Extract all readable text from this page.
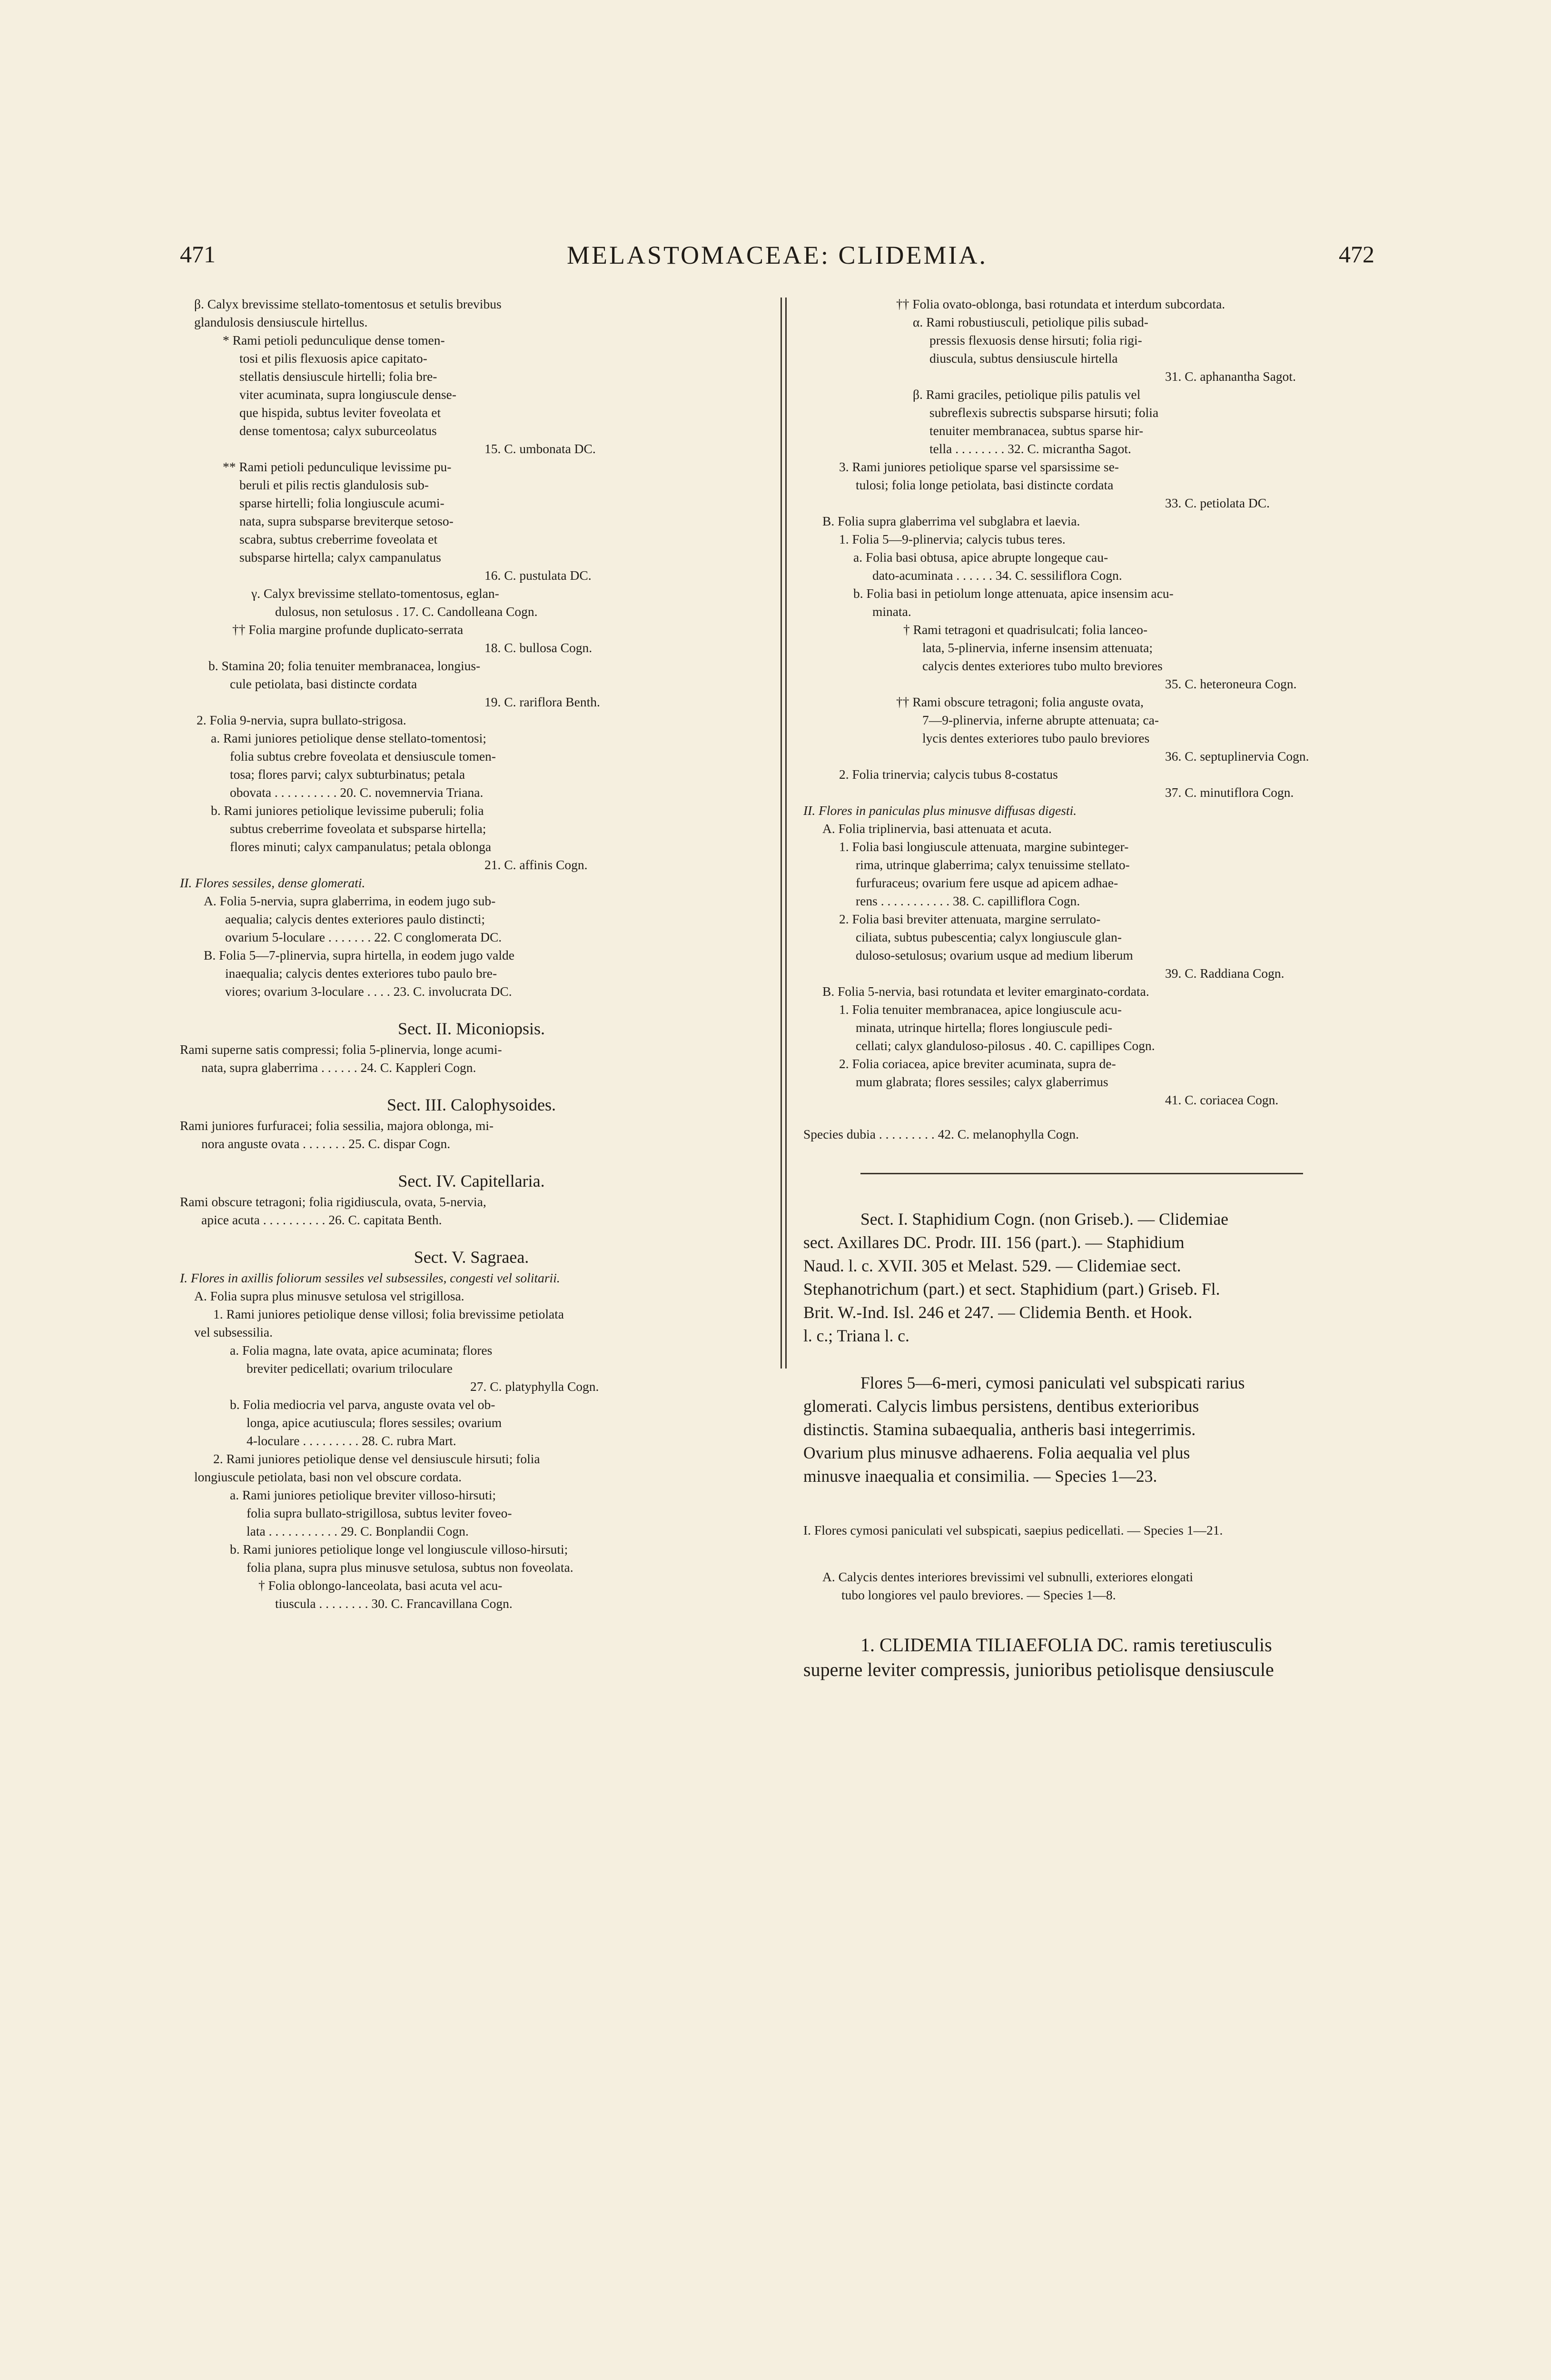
471	MELASTOMACEAE: CLIDEMIA.	472
β. Calyx brevissime stellato-tomentosus et setulis brevibus
glandulosis densiuscule hirtellus.
* Rami petioli pedunculique dense tomen-
tosi et pilis flexuosis apice capitato-
stellatis densiuscule hirtelli; folia bre-
viter acuminata, supra longiuscule dense-
que hispida, subtus leviter foveolata et
dense tomentosa; calyx suburceolatus
15. C. umbonata DC.
** Rami petioli pedunculique levissime pu-
beruli et pilis rectis glandulosis sub-
sparse hirtelli; folia longiuscule acumi-
nata, supra subsparse breviterque setoso-
scabra, subtus creberrime foveolata et
subsparse hirtella; calyx campanulatus
16. C. pustulata DC.
γ. Calyx brevissime stellato-tomentosus, eglan-
dulosus, non setulosus . 17. C. Candolleana Cogn.
†† Folia margine profunde duplicato-serrata
18. C. bullosa Cogn.
b. Stamina 20; folia tenuiter membranacea, longius-
cule petiolata, basi distincte cordata
19. C. rariflora Benth.
2. Folia 9-nervia, supra bullato-strigosa.
a. Rami juniores petiolique dense stellato-tomentosi;
folia subtus crebre foveolata et densiuscule tomen-
tosa; flores parvi; calyx subturbinatus; petala
obovata . . . . . . . . . . 20. C. novemnervia Triana.
b. Rami juniores petiolique levissime puberuli; folia
subtus creberrime foveolata et subsparse hirtella;
flores minuti; calyx campanulatus; petala oblonga
21. C. affinis Cogn.
II. Flores sessiles, dense glomerati.
A. Folia 5-nervia, supra glaberrima, in eodem jugo sub-
aequalia; calycis dentes exteriores paulo distincti;
ovarium 5-loculare . . . . . . . 22. C conglomerata DC.
B. Folia 5—7-plinervia, supra hirtella, in eodem jugo valde
inaequalia; calycis dentes exteriores tubo paulo bre-
viores; ovarium 3-loculare . . . . 23. C. involucrata DC.
Sect. II. Miconiopsis.
Rami superne satis compressi; folia 5-plinervia, longe acumi-
nata, supra glaberrima . . . . . . 24. C. Kappleri Cogn.
Sect. III. Calophysoides.
Rami juniores furfuracei; folia sessilia, majora oblonga, mi-
nora anguste ovata . . . . . . . 25. C. dispar Cogn.
Sect. IV. Capitellaria.
Rami obscure tetragoni; folia rigidiuscula, ovata, 5-nervia,
apice acuta . . . . . . . . . . 26. C. capitata Benth.
Sect. V. Sagraea.
I. Flores in axillis foliorum sessiles vel subsessiles, congesti vel solitarii.
A. Folia supra plus minusve setulosa vel strigillosa.
1. Rami juniores petiolique dense villosi; folia brevissime petiolata
vel subsessilia.
a. Folia magna, late ovata, apice acuminata; flores
breviter pedicellati; ovarium triloculare
27. C. platyphylla Cogn.
b. Folia mediocria vel parva, anguste ovata vel ob-
longa, apice acutiuscula; flores sessiles; ovarium
4-loculare . . . . . . . . . 28. C. rubra Mart.
2. Rami juniores petiolique dense vel densiuscule hirsuti; folia
longiuscule petiolata, basi non vel obscure cordata.
a. Rami juniores petiolique breviter villoso-hirsuti;
folia supra bullato-strigillosa, subtus leviter foveo-
lata . . . . . . . . . . . 29. C. Bonplandii Cogn.
b. Rami juniores petiolique longe vel longiuscule villoso-hirsuti;
folia plana, supra plus minusve setulosa, subtus non foveolata.
† Folia oblongo-lanceolata, basi acuta vel acu-
tiuscula . . . . . . . . 30. C. Francavillana Cogn.
†† Folia ovato-oblonga, basi rotundata et interdum subcordata.
α. Rami robustiusculi, petiolique pilis subad-
pressis flexuosis dense hirsuti; folia rigi-
diuscula, subtus densiuscule hirtella
31. C. aphanantha Sagot.
β. Rami graciles, petiolique pilis patulis vel
subreflexis subrectis subsparse hirsuti; folia
tenuiter membranacea, subtus sparse hir-
tella . . . . . . . . 32. C. micrantha Sagot.
3. Rami juniores petiolique sparse vel sparsissime se-
tulosi; folia longe petiolata, basi distincte cordata
33. C. petiolata DC.
B. Folia supra glaberrima vel subglabra et laevia.
1. Folia 5—9-plinervia; calycis tubus teres.
a. Folia basi obtusa, apice abrupte longeque cau-
dato-acuminata . . . . . . 34. C. sessiliflora Cogn.
b. Folia basi in petiolum longe attenuata, apice insensim acu-
minata.
† Rami tetragoni et quadrisulcati; folia lanceo-
lata, 5-plinervia, inferne insensim attenuata;
calycis dentes exteriores tubo multo breviores
35. C. heteroneura Cogn.
†† Rami obscure tetragoni; folia anguste ovata,
7—9-plinervia, inferne abrupte attenuata; ca-
lycis dentes exteriores tubo paulo breviores
36. C. septuplinervia Cogn.
2. Folia trinervia; calycis tubus 8-costatus
37. C. minutiflora Cogn.
II. Flores in paniculas plus minusve diffusas digesti.
A. Folia triplinervia, basi attenuata et acuta.
1. Folia basi longiuscule attenuata, margine subinteger-
rima, utrinque glaberrima; calyx tenuissime stellato-
furfuraceus; ovarium fere usque ad apicem adhae-
rens . . . . . . . . . . . 38. C. capilliflora Cogn.
2. Folia basi breviter attenuata, margine serrulato-
ciliata, subtus pubescentia; calyx longiuscule glan-
duloso-setulosus; ovarium usque ad medium liberum
39. C. Raddiana Cogn.
B. Folia 5-nervia, basi rotundata et leviter emarginato-cordata.
1. Folia tenuiter membranacea, apice longiuscule acu-
minata, utrinque hirtella; flores longiuscule pedi-
cellati; calyx glanduloso-pilosus . 40. C. capillipes Cogn.
2. Folia coriacea, apice breviter acuminata, supra de-
mum glabrata; flores sessiles; calyx glaberrimus
41. C. coriacea Cogn.
Species dubia . . . . . . . . . 42. C. melanophylla Cogn.
Sect. I. Staphidium Cogn. (non Griseb.). — Clidemiae
sect. Axillares DC. Prodr. III. 156 (part.). — Staphidium
Naud. l. c. XVII. 305 et Melast. 529. — Clidemiae sect.
Stephanotrichum (part.) et sect. Staphidium (part.) Griseb. Fl.
Brit. W.-Ind. Isl. 246 et 247. — Clidemia Benth. et Hook.
l. c.; Triana l. c.
Flores 5—6-meri, cymosi paniculati vel subspicati rarius
glomerati. Calycis limbus persistens, dentibus exterioribus
distinctis. Stamina subaequalia, antheris basi integerrimis.
Ovarium plus minusve adhaerens. Folia aequalia vel plus
minusve inaequalia et consimilia. — Species 1—23.
I. Flores cymosi paniculati vel subspicati, saepius pedicellati. — Species 1—21.
A. Calycis dentes interiores brevissimi vel subnulli, exteriores elongati
tubo longiores vel paulo breviores. — Species 1—8.
1. CLIDEMIA TILIAEFOLIA DC. ramis teretiusculis
superne leviter compressis, junioribus petiolisque densiuscule
